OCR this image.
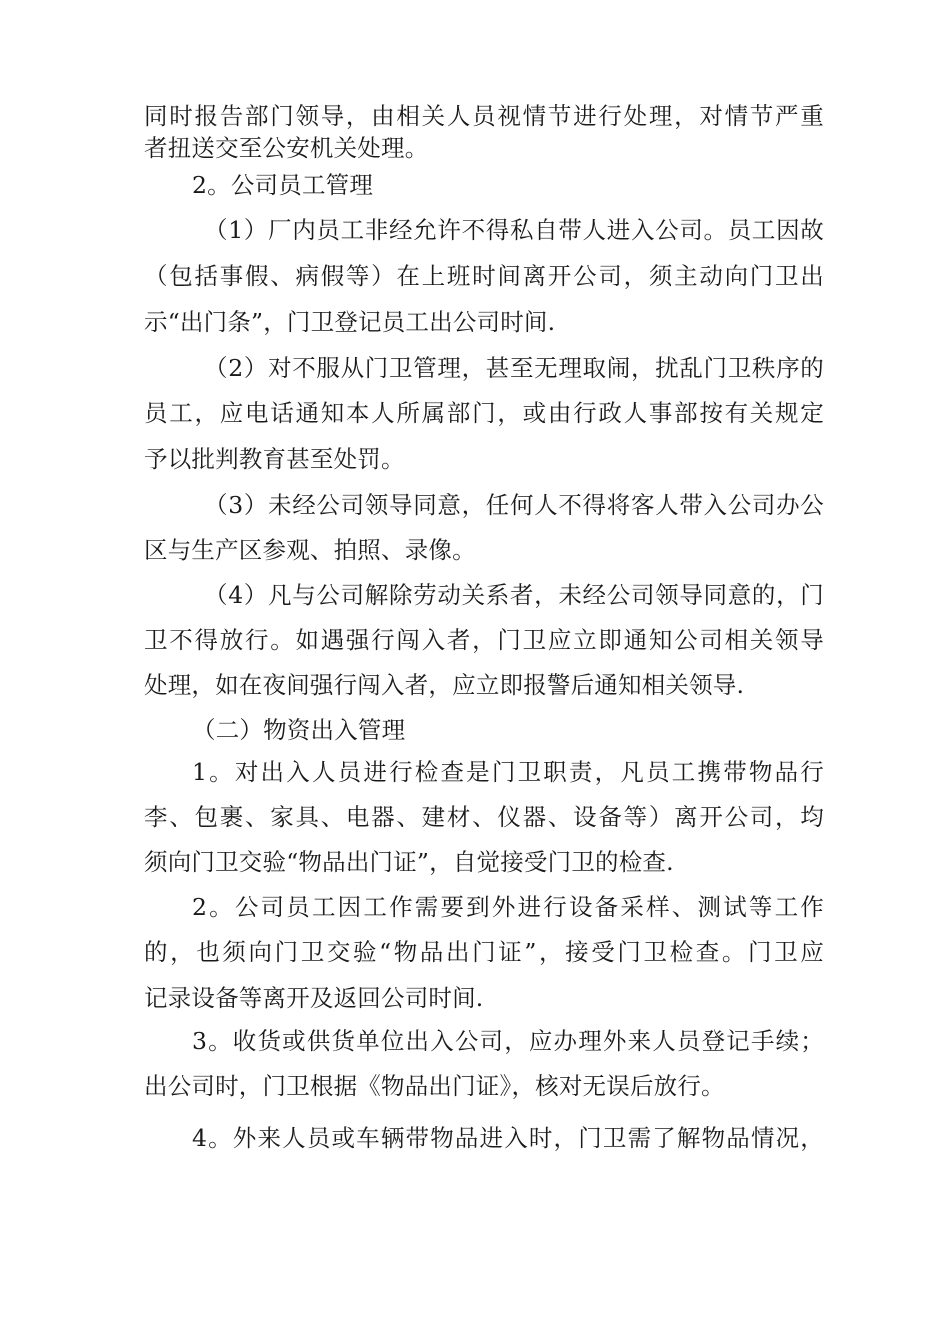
同时报告部门领导，由相关人员视情节进行处理，对情节严重
者扭送交至公安机关处理。
2。公司员工管理
（1）厂内员工非经允许不得私自带人进入公司。员工因故
（包括事假、病假等）在上班时间离开公司，须主动向门卫出
示“出门条”，门卫登记员工出公司时间.
（2）对不服从门卫管理，甚至无理取闹，扰乱门卫秩序的
员工，应电话通知本人所属部门，或由行政人事部按有关规定
予以批判教育甚至处罚。
（3）未经公司领导同意，任何人不得将客人带入公司办公
区与生产区参观、拍照、录像。
（4）凡与公司解除劳动关系者，未经公司领导同意的，门
卫不得放行。如遇强行闯入者，门卫应立即通知公司相关领导
处理，如在夜间强行闯入者，应立即报警后通知相关领导.
（二）物资出入管理
1。对出入人员进行检查是门卫职责，凡员工携带物品行
李、包裹、家具、电器、建材、仪器、设备等）离开公司，均
须向门卫交验“物品出门证”，自觉接受门卫的检查.
2。公司员工因工作需要到外进行设备采样、测试等工作
的，也须向门卫交验“物品出门证”，接受门卫检查。门卫应
记录设备等离开及返回公司时间.
3。收货或供货单位出入公司，应办理外来人员登记手续；
出公司时，门卫根据《物品出门证》，核对无误后放行。
4。外来人员或车辆带物品进入时，门卫需了解物品情况，
